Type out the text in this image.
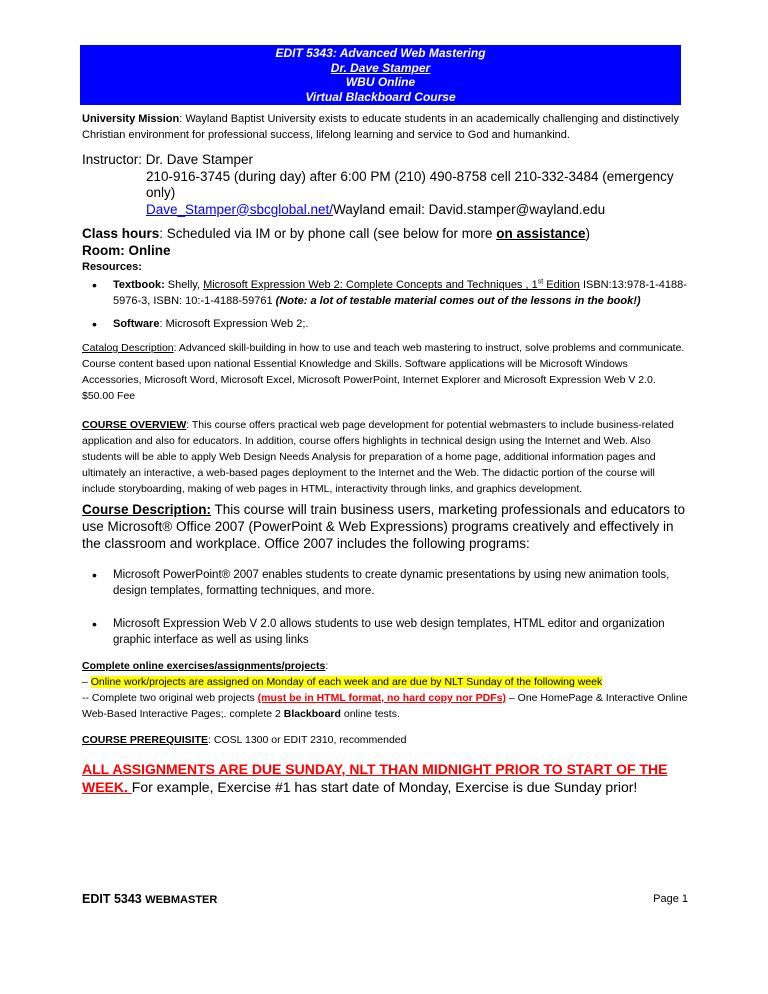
EDIT 5343: Advanced Web Mastering
Dr. Dave Stamper
WBU Online
Virtual Blackboard Course
University Mission: Wayland Baptist University exists to educate students in an academically challenging and distinctively Christian environment for professional success, lifelong learning and service to God and humankind.
Instructor: Dr. Dave Stamper
210-916-3745 (during day) after 6:00 PM (210) 490-8758 cell 210-332-3484 (emergency only)
Dave_Stamper@sbcglobal.net/Wayland email: David.stamper@wayland.edu
Class hours: Scheduled via IM or by phone call (see below for more on assistance)
Room: Online
Resources:
• Textbook: Shelly, Microsoft Expression Web 2: Complete Concepts and Techniques , 1st Edition ISBN:13:978-1-4188-5976-3, ISBN: 10:-1-4188-59761 (Note: a lot of testable material comes out of the lessons in the book!)
• Software: Microsoft Expression Web 2;.
Catalog Description: Advanced skill-building in how to use and teach web mastering to instruct, solve problems and communicate. Course content based upon national Essential Knowledge and Skills. Software applications will be Microsoft Windows Accessories, Microsoft Word, Microsoft Excel, Microsoft PowerPoint, Internet Explorer and Microsoft Expression Web V 2.0. $50.00 Fee
COURSE OVERVIEW: This course offers practical web page development for potential webmasters to include business-related application and also for educators. In addition, course offers highlights in technical design using the Internet and Web. Also students will be able to apply Web Design Needs Analysis for preparation of a home page, additional information pages and ultimately an interactive, a web-based pages deployment to the Internet and the Web. The didactic portion of the course will include storyboarding, making of web pages in HTML, interactivity through links, and graphics development.
Course Description: This course will train business users, marketing professionals and educators to use Microsoft® Office 2007 (PowerPoint & Web Expressions) programs creatively and effectively in the classroom and workplace. Office 2007 includes the following programs:
• Microsoft PowerPoint® 2007 enables students to create dynamic presentations by using new animation tools, design templates, formatting techniques, and more.
• Microsoft Expression Web V 2.0 allows students to use web design templates, HTML editor and organization graphic interface as well as using links
Complete online exercises/assignments/projects:
– Online work/projects are assigned on Monday of each week and are due by NLT Sunday of the following week
-- Complete two original web projects (must be in HTML format, no hard copy nor PDFs) – One HomePage & Interactive Online Web-Based Interactive Pages;. complete 2 Blackboard online tests.
COURSE PREREQUISITE: COSL 1300 or EDIT 2310, recommended
ALL ASSIGNMENTS ARE DUE SUNDAY, NLT THAN MIDNIGHT PRIOR TO START OF THE WEEK. For example, Exercise #1 has start date of Monday, Exercise is due Sunday prior!
EDIT 5343 WEBMASTER	Page 1
